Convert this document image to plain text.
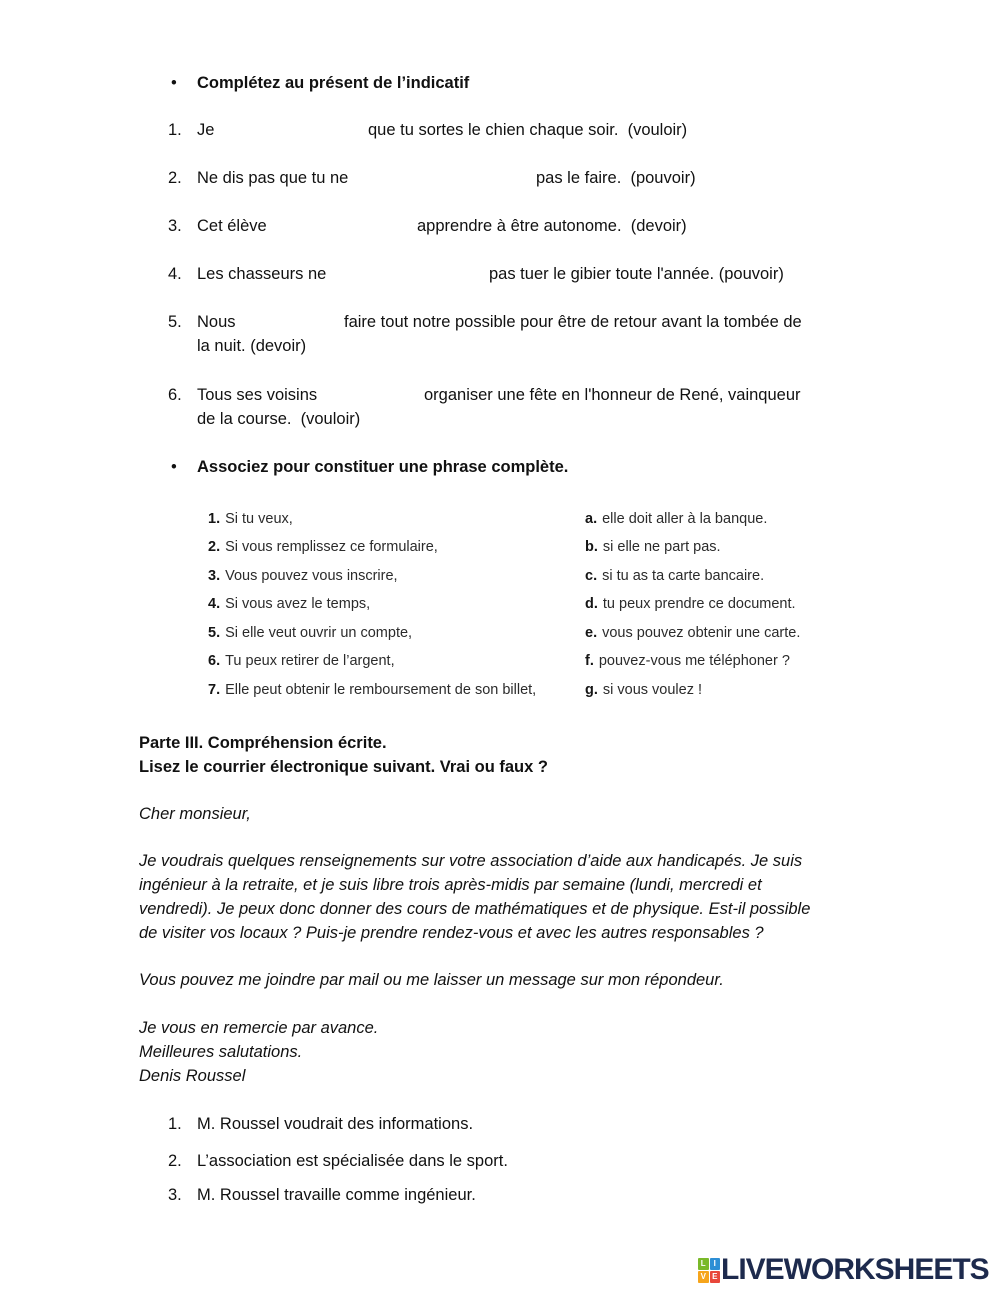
• Complétez au présent de l’indicatif
1. Je	que tu sortes le chien chaque soir.  (vouloir)
2. Ne dis pas que tu ne	pas le faire.  (pouvoir)
3. Cet élève	apprendre à être autonome.  (devoir)
4. Les chasseurs ne	pas tuer le gibier toute l'année. (pouvoir)
5. Nous	faire tout notre possible pour être de retour avant la tombée de
la nuit. (devoir)
6. Tous ses voisins	organiser une fête en l'honneur de René, vainqueur
de la course.  (vouloir)
• Associez pour constituer une phrase complète.
1. Si tu veux,	a. elle doit aller à la banque.
2. Si vous remplissez ce formulaire,	b. si elle ne part pas.
3. Vous pouvez vous inscrire,	c. si tu as ta carte bancaire.
4. Si vous avez le temps,	d. tu peux prendre ce document.
5. Si elle veut ouvrir un compte,	e. vous pouvez obtenir une carte.
6. Tu peux retirer de l’argent,	f. pouvez-vous me téléphoner ?
7. Elle peut obtenir le remboursement de son billet,	g. si vous voulez !
Parte III. Compréhension écrite.
Lisez le courrier électronique suivant. Vrai ou faux ?
Cher monsieur,
Je voudrais quelques renseignements sur votre association d’aide aux handicapés. Je suis
ingénieur à la retraite, et je suis libre trois après-midis par semaine (lundi, mercredi et
vendredi). Je peux donc donner des cours de mathématiques et de physique. Est-il possible
de visiter vos locaux ? Puis-je prendre rendez-vous et avec les autres responsables ?
Vous pouvez me joindre par mail ou me laisser un message sur mon répondeur.
Je vous en remercie par avance.
Meilleures salutations.
Denis Roussel
1. M. Roussel voudrait des informations.
2. L’association est spécialisée dans le sport.
3. M. Roussel travaille comme ingénieur.
L I
V E LIVEWORKSHEETS
